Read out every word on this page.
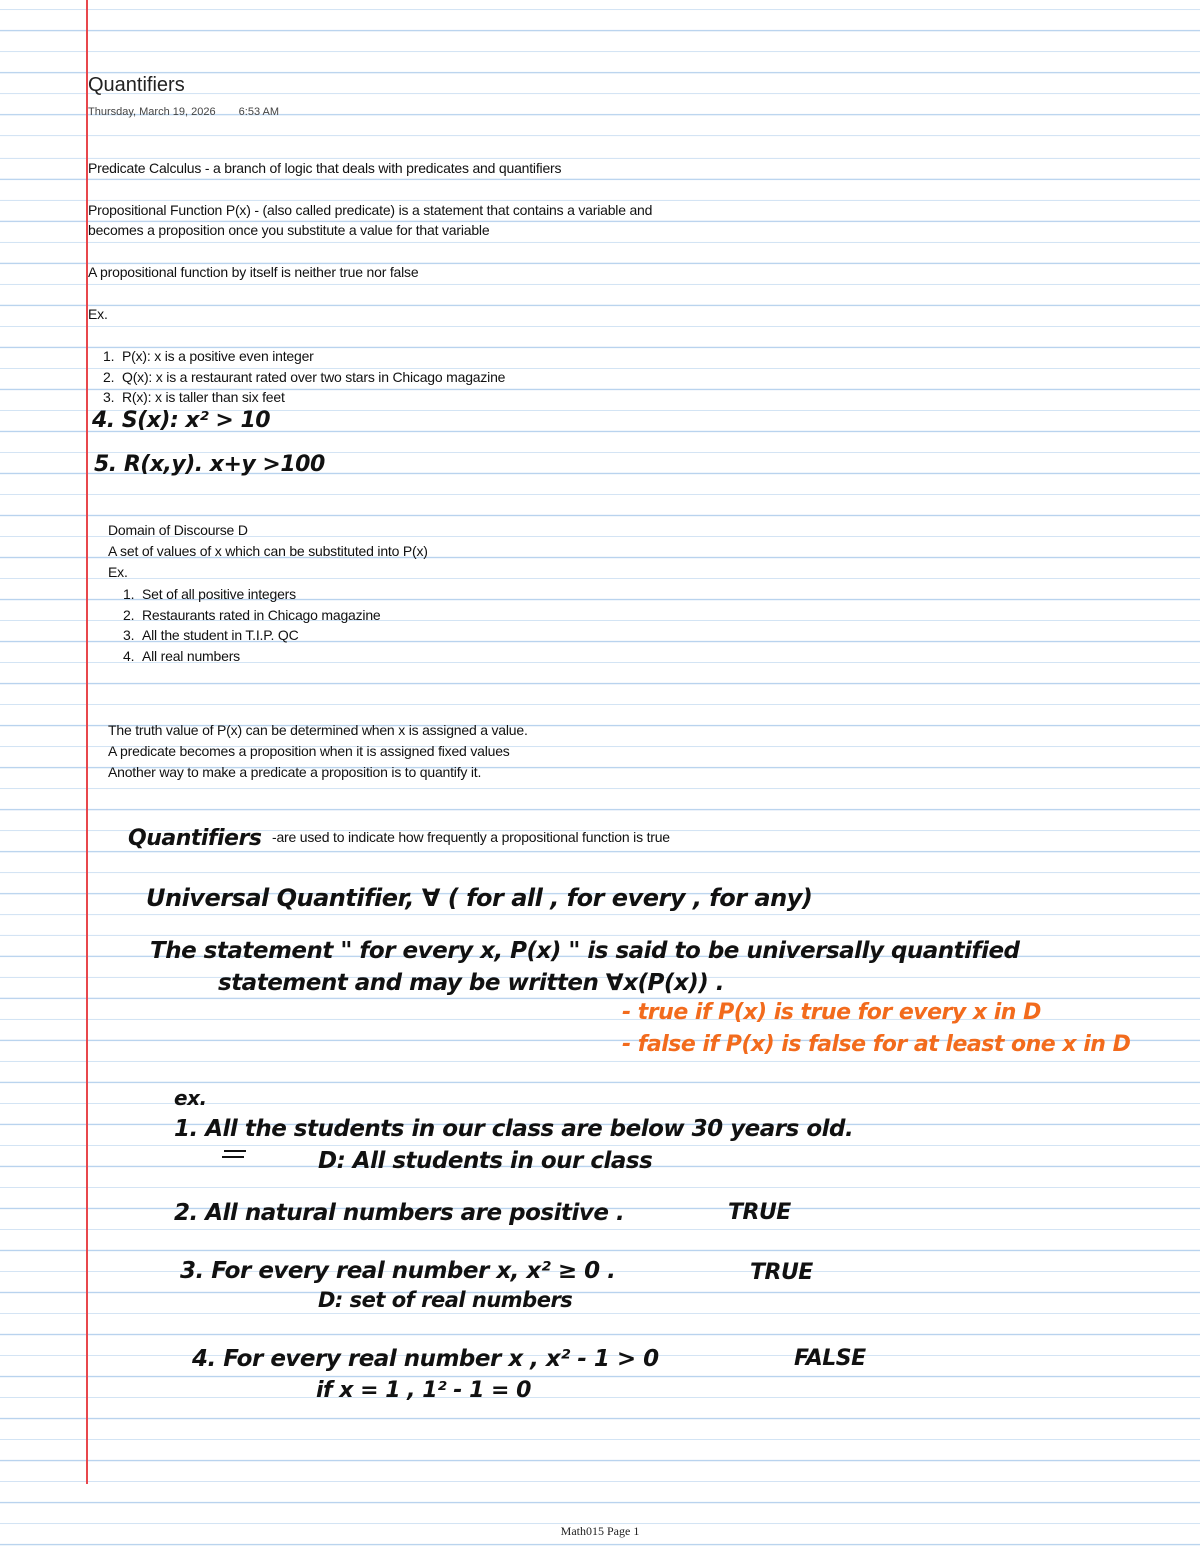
Quantifiers
Thursday, March 19, 2026 6:53 AM
Predicate Calculus - a branch of logic that deals with predicates and quantifiers
Propositional Function P(x) - (also called predicate) is a statement that contains a variable and
becomes a proposition once you substitute a value for that variable
A propositional function by itself is neither true nor false
Ex.
1. P(x): x is a positive even integer
2. Q(x): x is a restaurant rated over two stars in Chicago magazine
3. R(x): x is taller than six feet
4. S(x): x² > 10
5. R(x,y). x+y >100
Domain of Discourse D
A set of values of x which can be substituted into P(x)
Ex.
1. Set of all positive integers
2. Restaurants rated in Chicago magazine
3. All the student in T.I.P. QC
4. All real numbers
The truth value of P(x) can be determined when x is assigned a value.
A predicate becomes a proposition when it is assigned fixed values
Another way to make a predicate a proposition is to quantify it.
Quantifiers -are used to indicate how frequently a propositional function is true
Universal Quantifier, ∀ ( for all , for every , for any)
The statement " for every x, P(x) " is said to be universally quantified
statement and may be written ∀x(P(x)) .
- true if P(x) is true for every x in D
- false if P(x) is false for at least one x in D
ex.
1. All the students in our class are below 30 years old.
D: All students in our class
2. All natural numbers are positive .	TRUE
3. For every real number x, x² ≥ 0 .	TRUE
D: set of real numbers
4. For every real number x , x² - 1 > 0	FALSE
if x = 1 , 1² - 1 = 0
Math015 Page 1
